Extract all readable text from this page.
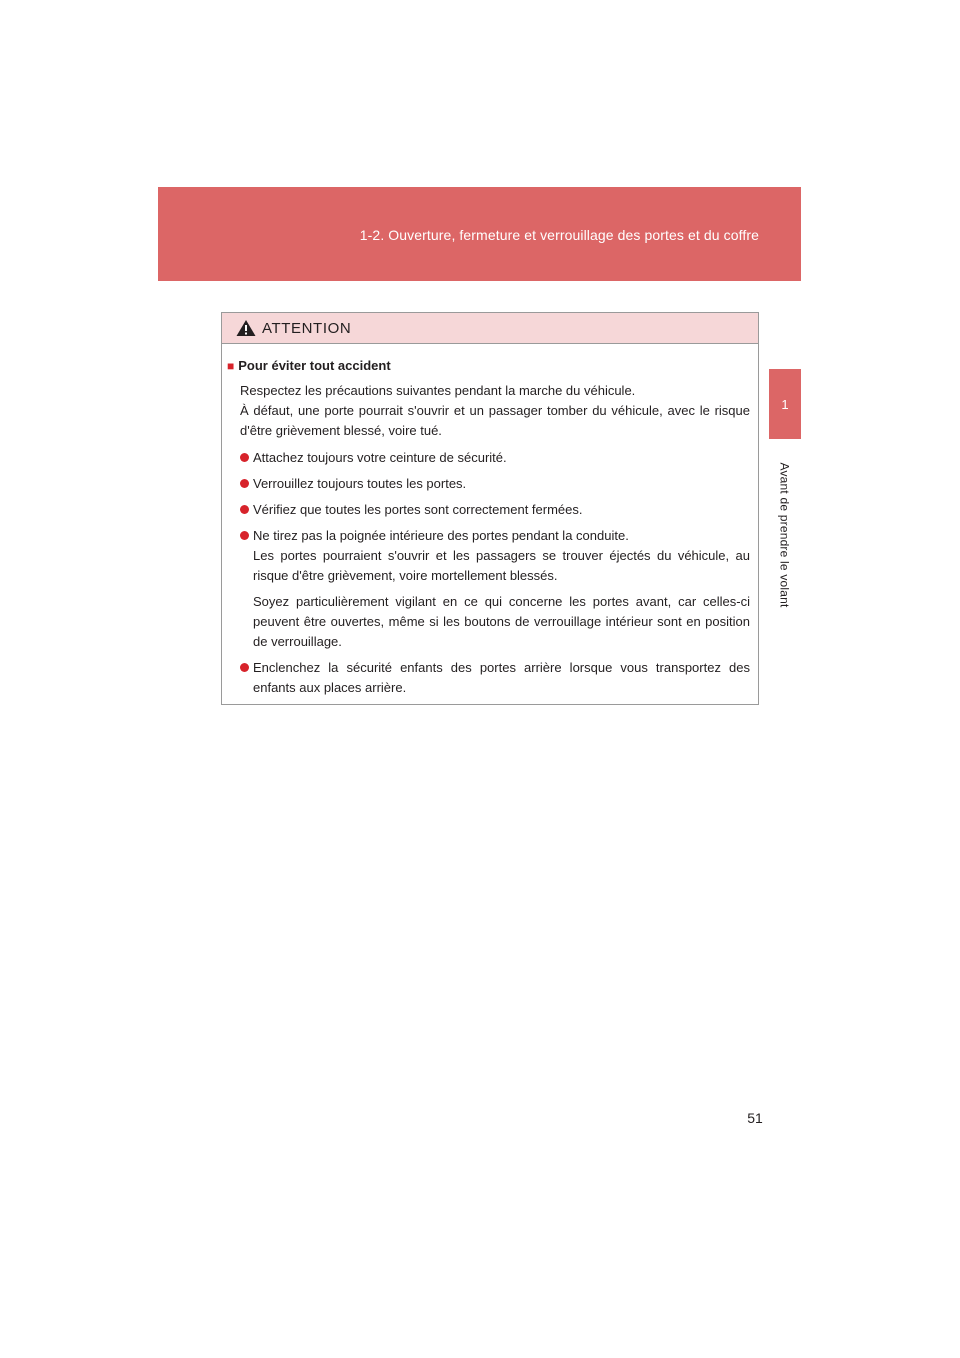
1-2. Ouverture, fermeture et verrouillage des portes et du coffre
1
Avant de prendre le volant
ATTENTION
■ Pour éviter tout accident

Respectez les précautions suivantes pendant la marche du véhicule.

À défaut, une porte pourrait s'ouvrir et un passager tomber du véhicule, avec le risque d'être grièvement blessé, voire tué.

Attachez toujours votre ceinture de sécurité.

Verrouillez toujours toutes les portes.

Vérifiez que toutes les portes sont correctement fermées.

Ne tirez pas la poignée intérieure des portes pendant la conduite.
Les portes pourraient s'ouvrir et les passagers se trouver éjectés du véhicule, au risque d'être grièvement, voire mortellement blessés.

Soyez particulièrement vigilant en ce qui concerne les portes avant, car celles-ci peuvent être ouvertes, même si les boutons de verrouillage intérieur sont en position de verrouillage.

Enclenchez la sécurité enfants des portes arrière lorsque vous transportez des enfants aux places arrière.

51
